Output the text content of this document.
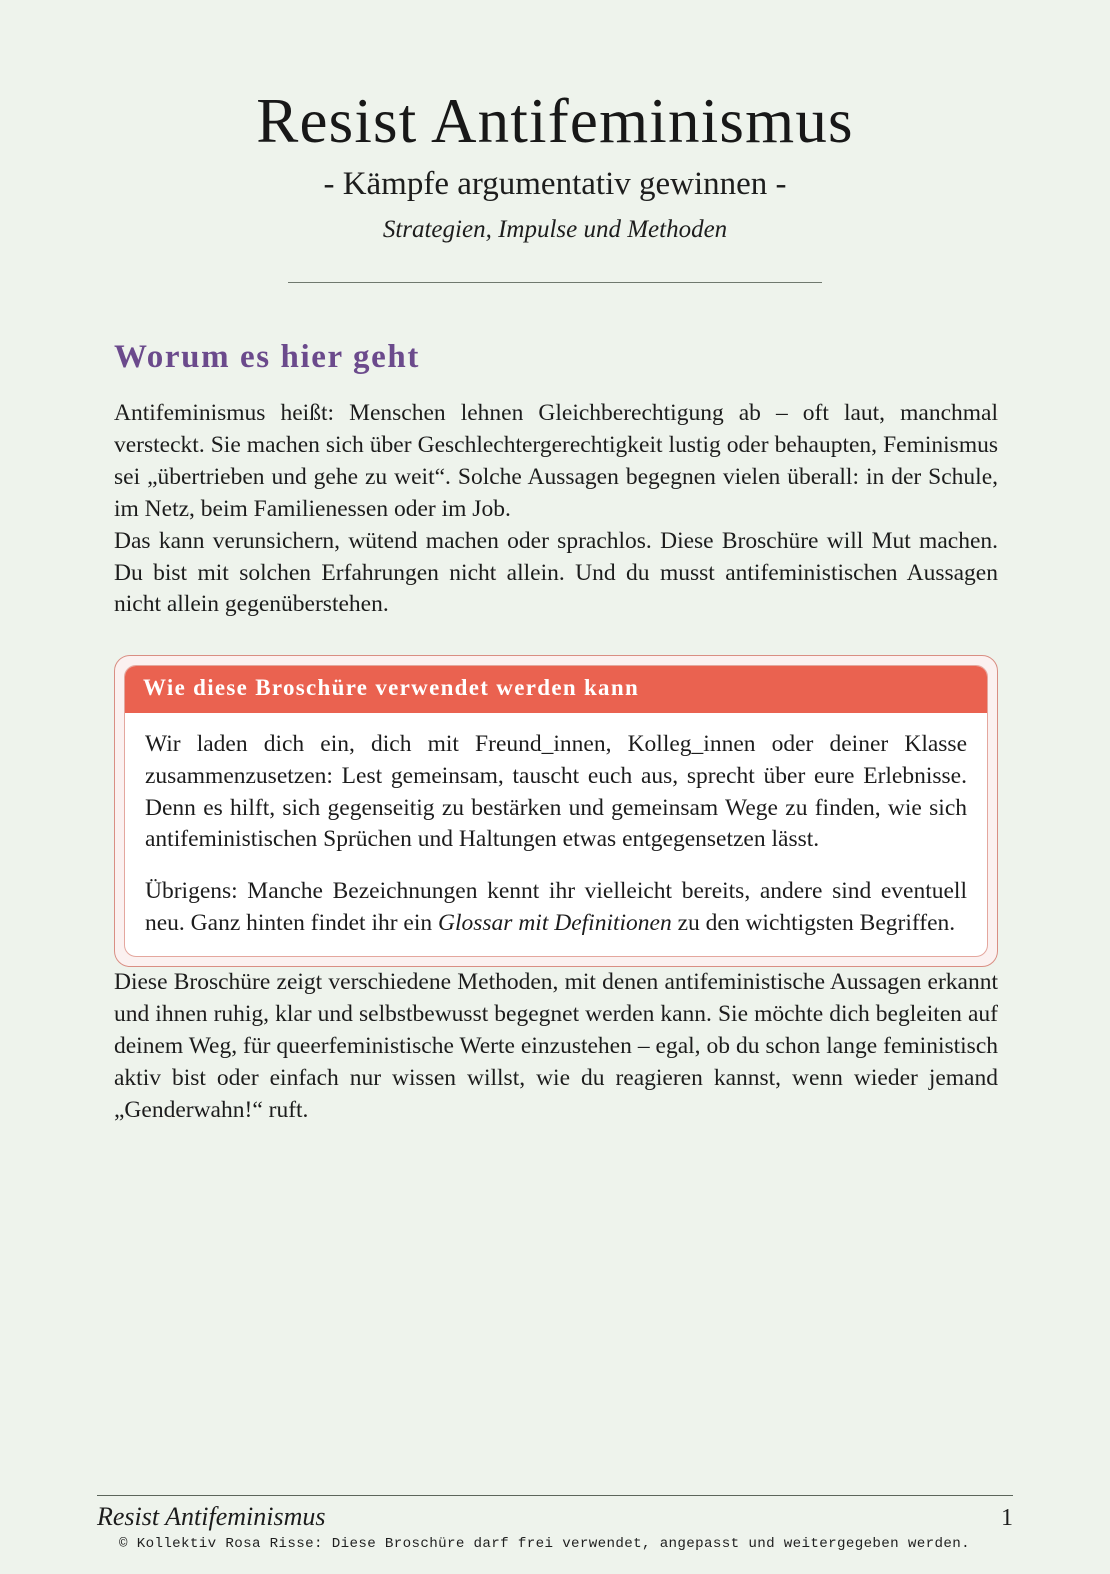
Resist Antifeminismus
- Kämpfe argumentativ gewinnen -
Strategien, Impulse und Methoden
Worum es hier geht

Antifeminismus heißt: Menschen lehnen Gleichberechtigung ab – oft laut, manchmal versteckt. Sie machen sich über Geschlechtergerechtigkeit lustig oder behaupten, Feminismus sei „übertrieben und gehe zu weit“. Solche Aussagen begegnen vielen überall: in der Schule, im Netz, beim Familienessen oder im Job.

Das kann verunsichern, wütend machen oder sprachlos. Diese Broschüre will Mut machen. Du bist mit solchen Erfahrungen nicht allein. Und du musst antifeministischen Aussagen nicht allein gegenüberstehen.

Wie diese Broschüre verwendet werden kann

Wir laden dich ein, dich mit Freund_innen, Kolleg_innen oder deiner Klasse zusammenzusetzen: Lest gemeinsam, tauscht euch aus, sprecht über eure Erlebnisse. Denn es hilft, sich gegenseitig zu bestärken und gemeinsam Wege zu finden, wie sich antifeministischen Sprüchen und Haltungen etwas entgegensetzen lässt.

Übrigens: Manche Bezeichnungen kennt ihr vielleicht bereits, andere sind eventuell neu. Ganz hinten findet ihr ein Glossar mit Definitionen zu den wichtigsten Begriffen.

Diese Broschüre zeigt verschiedene Methoden, mit denen antifeministische Aussagen erkannt und ihnen ruhig, klar und selbstbewusst begegnet werden kann. Sie möchte dich begleiten auf deinem Weg, für queerfeministische Werte einzustehen – egal, ob du schon lange feministisch aktiv bist oder einfach nur wissen willst, wie du reagieren kannst, wenn wieder jemand „Genderwahn!“ ruft.

Resist Antifeminismus	1
© Kollektiv Rosa Risse: Diese Broschüre darf frei verwendet, angepasst und weitergegeben werden.
